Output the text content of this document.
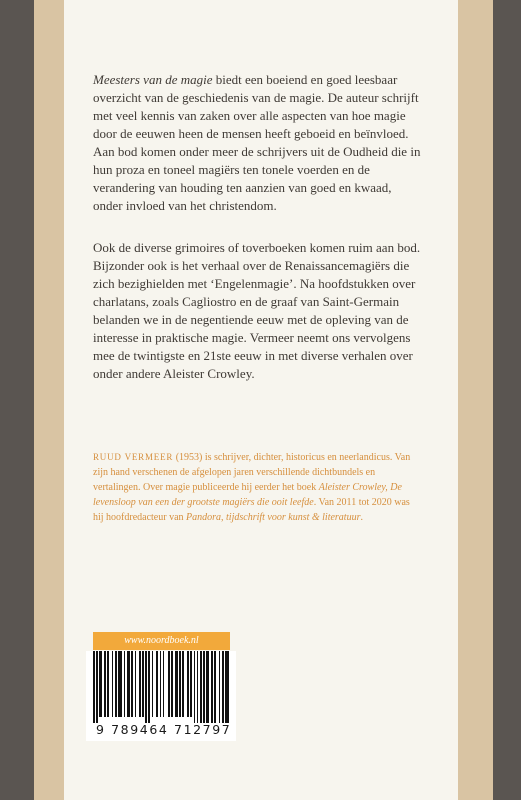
Meesters van de magie biedt een boeiend en goed leesbaar overzicht van de geschiedenis van de magie. De auteur schrijft met veel kennis van zaken over alle aspecten van hoe magie door de eeuwen heen de mensen heeft geboeid en beïnvloed. Aan bod komen onder meer de schrijvers uit de Oudheid die in hun proza en toneel magiërs ten tonele voerden en de verandering van houding ten aanzien van goed en kwaad, onder invloed van het christendom.

Ook de diverse grimoires of toverboeken komen ruim aan bod. Bijzonder ook is het verhaal over de Renaissancemagiërs die zich bezighielden met ‘Engelenmagie’. Na hoofdstukken over charlatans, zoals Cagliostro en de graaf van Saint-Germain belanden we in de negentiende eeuw met de opleving van de interesse in praktische magie. Vermeer neemt ons vervolgens mee de twintigste en 21ste eeuw in met diverse verhalen over onder andere Aleister Crowley.

RUUD VERMEER (1953) is schrijver, dichter, historicus en neerlandicus. Van zijn hand verschenen de afgelopen jaren verschillende dichtbundels en vertalingen. Over magie publiceerde hij eerder het boek Aleister Crowley, De levensloop van een der grootste magiërs die ooit leefde. Van 2011 tot 2020 was hij hoofdredacteur van Pandora, tijdschrift voor kunst & literatuur.
www.noordboek.nl
9 789464 712797
